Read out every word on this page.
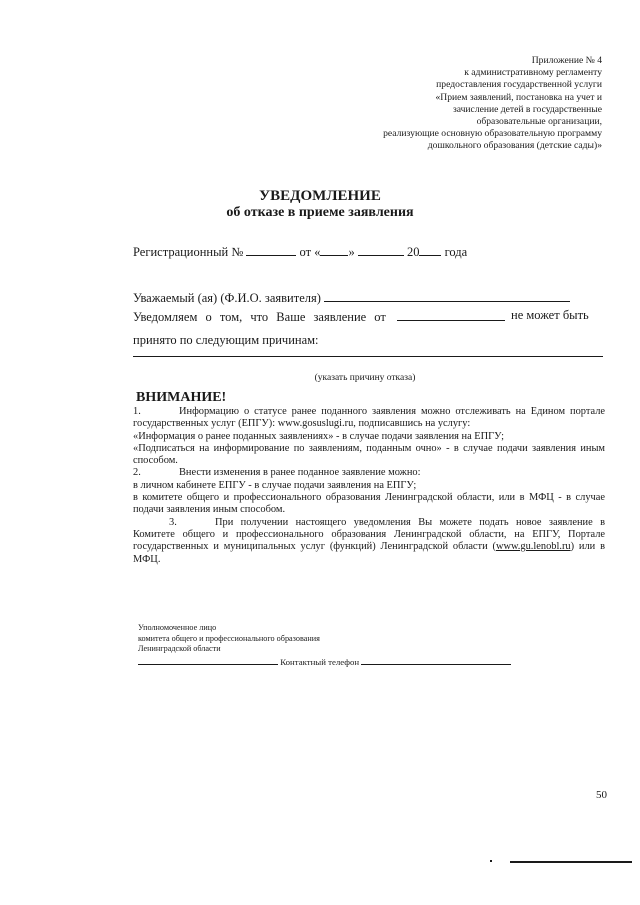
Приложение № 4
к административному регламенту
предоставления государственной услуги
«Прием заявлений, постановка на учет и
зачисление детей в государственные
образовательные организации,
реализующие основную образовательную программу
дошкольного образования (детские сады)»
УВЕДОМЛЕНИЕ
об отказе в приеме заявления
Регистрационный №	от « »	20 года
Уважаемый (ая) (Ф.И.О. заявителя)
Уведомляем о том, что Ваше заявление от	не может быть
принято по следующим причинам:
(указать причину отказа)
ВНИМАНИЕ!

1.	Информацию о статусе ранее поданного заявления можно отслеживать на Едином портале государственных услуг (ЕПГУ): www.gosuslugi.ru, подписавшись на услугу:

«Информация о ранее поданных заявлениях» - в случае подачи заявления на ЕПГУ;

«Подписаться на информирование по заявлениям, поданным очно» - в случае подачи заявления иным способом.

2.	Внести изменения в ранее поданное заявление можно:

в личном кабинете ЕПГУ - в случае подачи заявления на ЕПГУ;

в комитете общего и профессионального образования Ленинградской области, или в МФЦ - в случае подачи заявления иным способом.

3.	При получении настоящего уведомления Вы можете подать новое заявление в Комитете общего и профессионального образования Ленинградской области, на ЕПГУ, Портале государственных и муниципальных услуг (функций) Ленинградской области (www.gu.lenobl.ru) или в МФЦ.

Уполномоченное лицо
комитета общего и профессионального образования
Ленинградской области
Контактный телефон
50
